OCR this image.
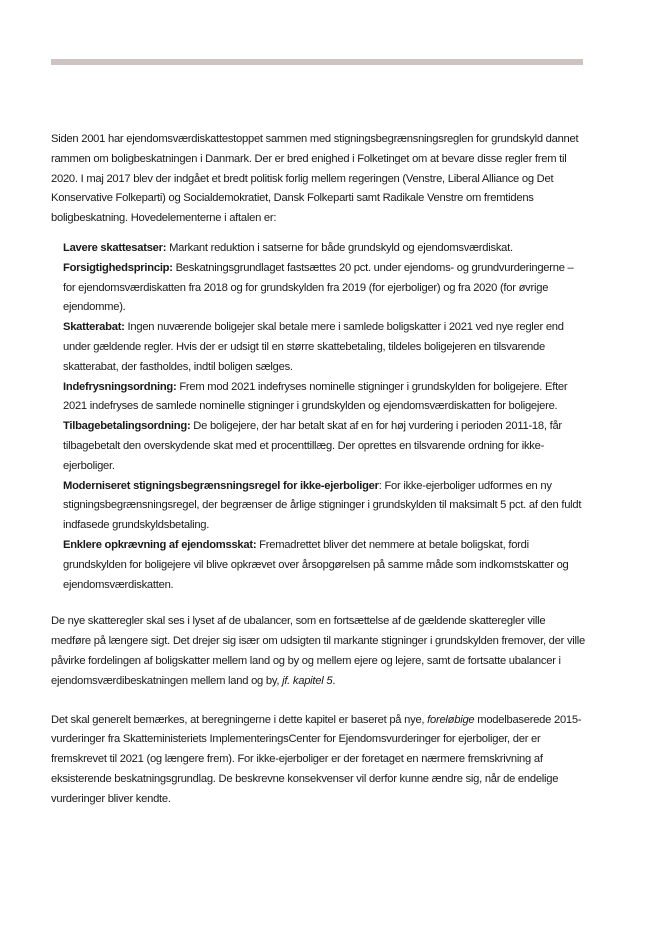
Siden 2001 har ejendomsværdiskattestoppet sammen med stigningsbegrænsningsreglen for grundskyld dannet rammen om boligbeskatningen i Danmark. Der er bred enighed i Folketinget om at bevare disse regler frem til 2020. I maj 2017 blev der indgået et bredt politisk forlig mellem regeringen (Venstre, Liberal Alliance og Det Konservative Folkeparti) og Socialdemokratiet, Dansk Folkeparti samt Radikale Venstre om fremtidens boligbeskatning. Hovedelementerne i aftalen er:

Lavere skattesatser: Markant reduktion i satserne for både grundskyld og ejendomsværdiskat.
Forsigtighedsprincip: Beskatningsgrundlaget fastsættes 20 pct. under ejendoms- og grundvurderingerne – for ejendomsværdiskatten fra 2018 og for grundskylden fra 2019 (for ejerboliger) og fra 2020 (for øvrige ejendomme).
Skatterabat: Ingen nuværende boligejer skal betale mere i samlede boligskatter i 2021 ved nye regler end under gældende regler. Hvis der er udsigt til en større skattebetaling, tildeles boligejeren en tilsvarende skatterabat, der fastholdes, indtil boligen sælges.
Indefrysningsordning: Frem mod 2021 indefryses nominelle stigninger i grundskylden for boligejere. Efter 2021 indefryses de samlede nominelle stigninger i grundskylden og ejendomsværdiskatten for boligejere.
Tilbagebetalingsordning: De boligejere, der har betalt skat af en for høj vurdering i perioden 2011-18, får tilbagebetalt den overskydende skat med et procenttillæg. Der oprettes en tilsvarende ordning for ikke-ejerboliger.
Moderniseret stigningsbegrænsningsregel for ikke-ejerboliger: For ikke-ejerboliger udformes en ny stigningsbegrænsningsregel, der begrænser de årlige stigninger i grundskylden til maksimalt 5 pct. af den fuldt indfasede grundskyldsbetaling.
Enklere opkrævning af ejendomsskat: Fremadrettet bliver det nemmere at betale boligskat, fordi grundskylden for boligejere vil blive opkrævet over årsopgørelsen på samme måde som indkomstskatter og ejendomsværdiskatten.

De nye skatteregler skal ses i lyset af de ubalancer, som en fortsættelse af de gældende skatteregler ville medføre på længere sigt. Det drejer sig især om udsigten til markante stigninger i grundskylden fremover, der ville påvirke fordelingen af boligskatter mellem land og by og mellem ejere og lejere, samt de fortsatte ubalancer i ejendomsværdibeskatningen mellem land og by, jf. kapitel 5.

Det skal generelt bemærkes, at beregningerne i dette kapitel er baseret på nye, foreløbige modelbaserede 2015-vurderinger fra Skatteministeriets ImplementeringsCenter for Ejendomsvurderinger for ejerboliger, der er fremskrevet til 2021 (og længere frem). For ikke-ejerboliger er der foretaget en nærmere fremskrivning af eksisterende beskatningsgrundlag. De beskrevne konsekvenser vil derfor kunne ændre sig, når de endelige vurderinger bliver kendte.
